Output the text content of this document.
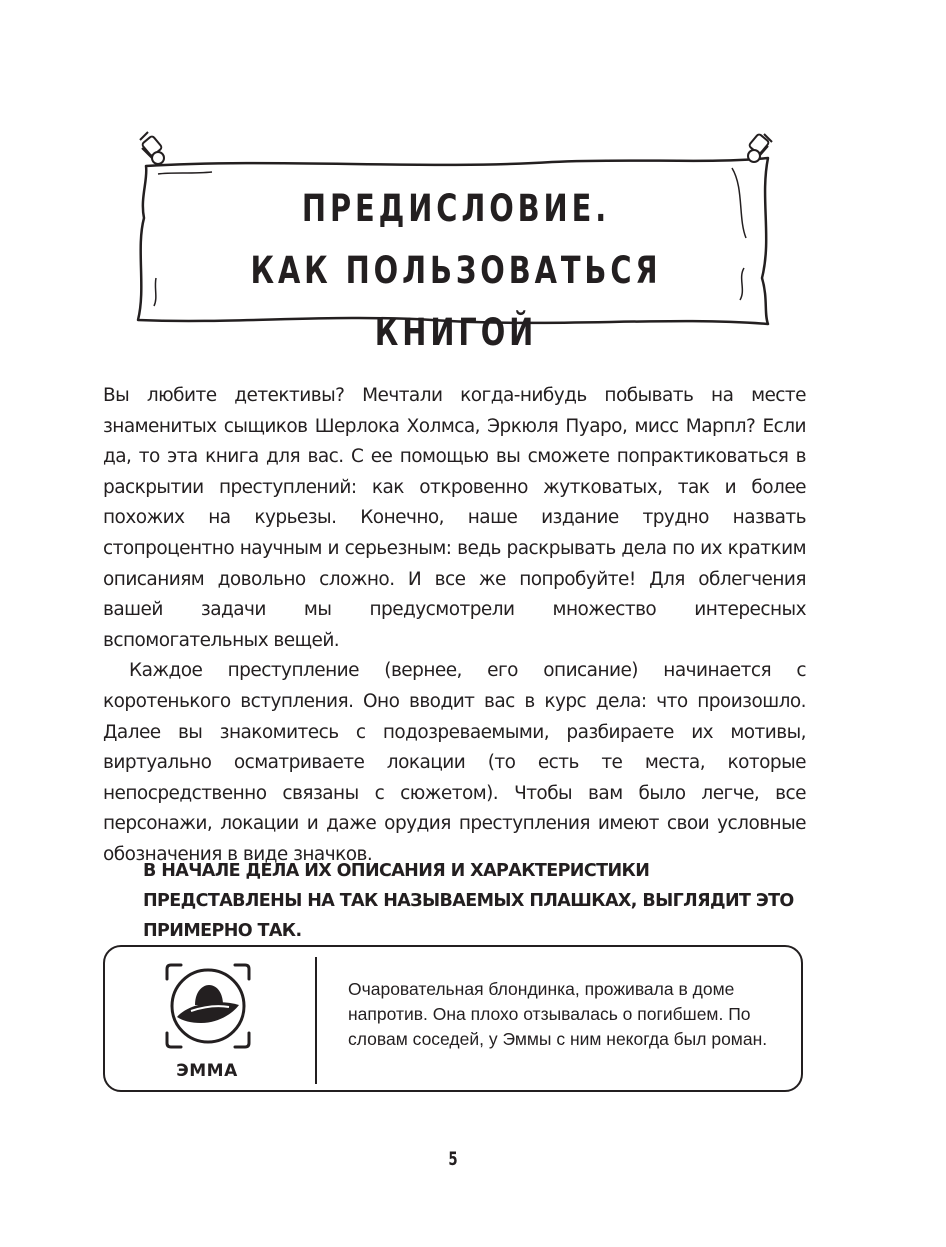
ПРЕДИСЛОВИЕ.
КАК ПОЛЬЗОВАТЬСЯ КНИГОЙ

Вы любите детективы? Мечтали когда-нибудь побывать на месте знаменитых сыщиков Шерлока Холмса, Эркюля Пуаро, мисс Марпл? Если да, то эта книга для вас. С ее помощью вы сможете попрактиковаться в раскрытии преступлений: как откровенно жутковатых, так и более похожих на курьезы. Конечно, наше издание трудно назвать стопроцентно научным и серьезным: ведь раскрывать дела по их кратким описаниям довольно сложно. И все же попробуйте! Для облегчения вашей задачи мы предусмотрели множество интересных вспомогательных вещей.

Каждое преступление (вернее, его описание) начинается с коротенького вступления. Оно вводит вас в курс дела: что произошло. Далее вы знакомитесь с подозреваемыми, разбираете их мотивы, виртуально осматриваете локации (то есть те места, которые непосредственно связаны с сюжетом). Чтобы вам было легче, все персонажи, локации и даже орудия преступления имеют свои условные обозначения в виде значков.

В НАЧАЛЕ ДЕЛА ИХ ОПИСАНИЯ И ХАРАКТЕРИСТИКИ ПРЕДСТАВЛЕНЫ НА ТАК НАЗЫВАЕМЫХ ПЛАШКАХ, ВЫГЛЯДИТ ЭТО ПРИМЕРНО ТАК.

ЭММА

Очаровательная блондинка, проживала в доме напротив. Она плохо отзывалась о погибшем. По словам соседей, у Эммы с ним некогда был роман.

5
